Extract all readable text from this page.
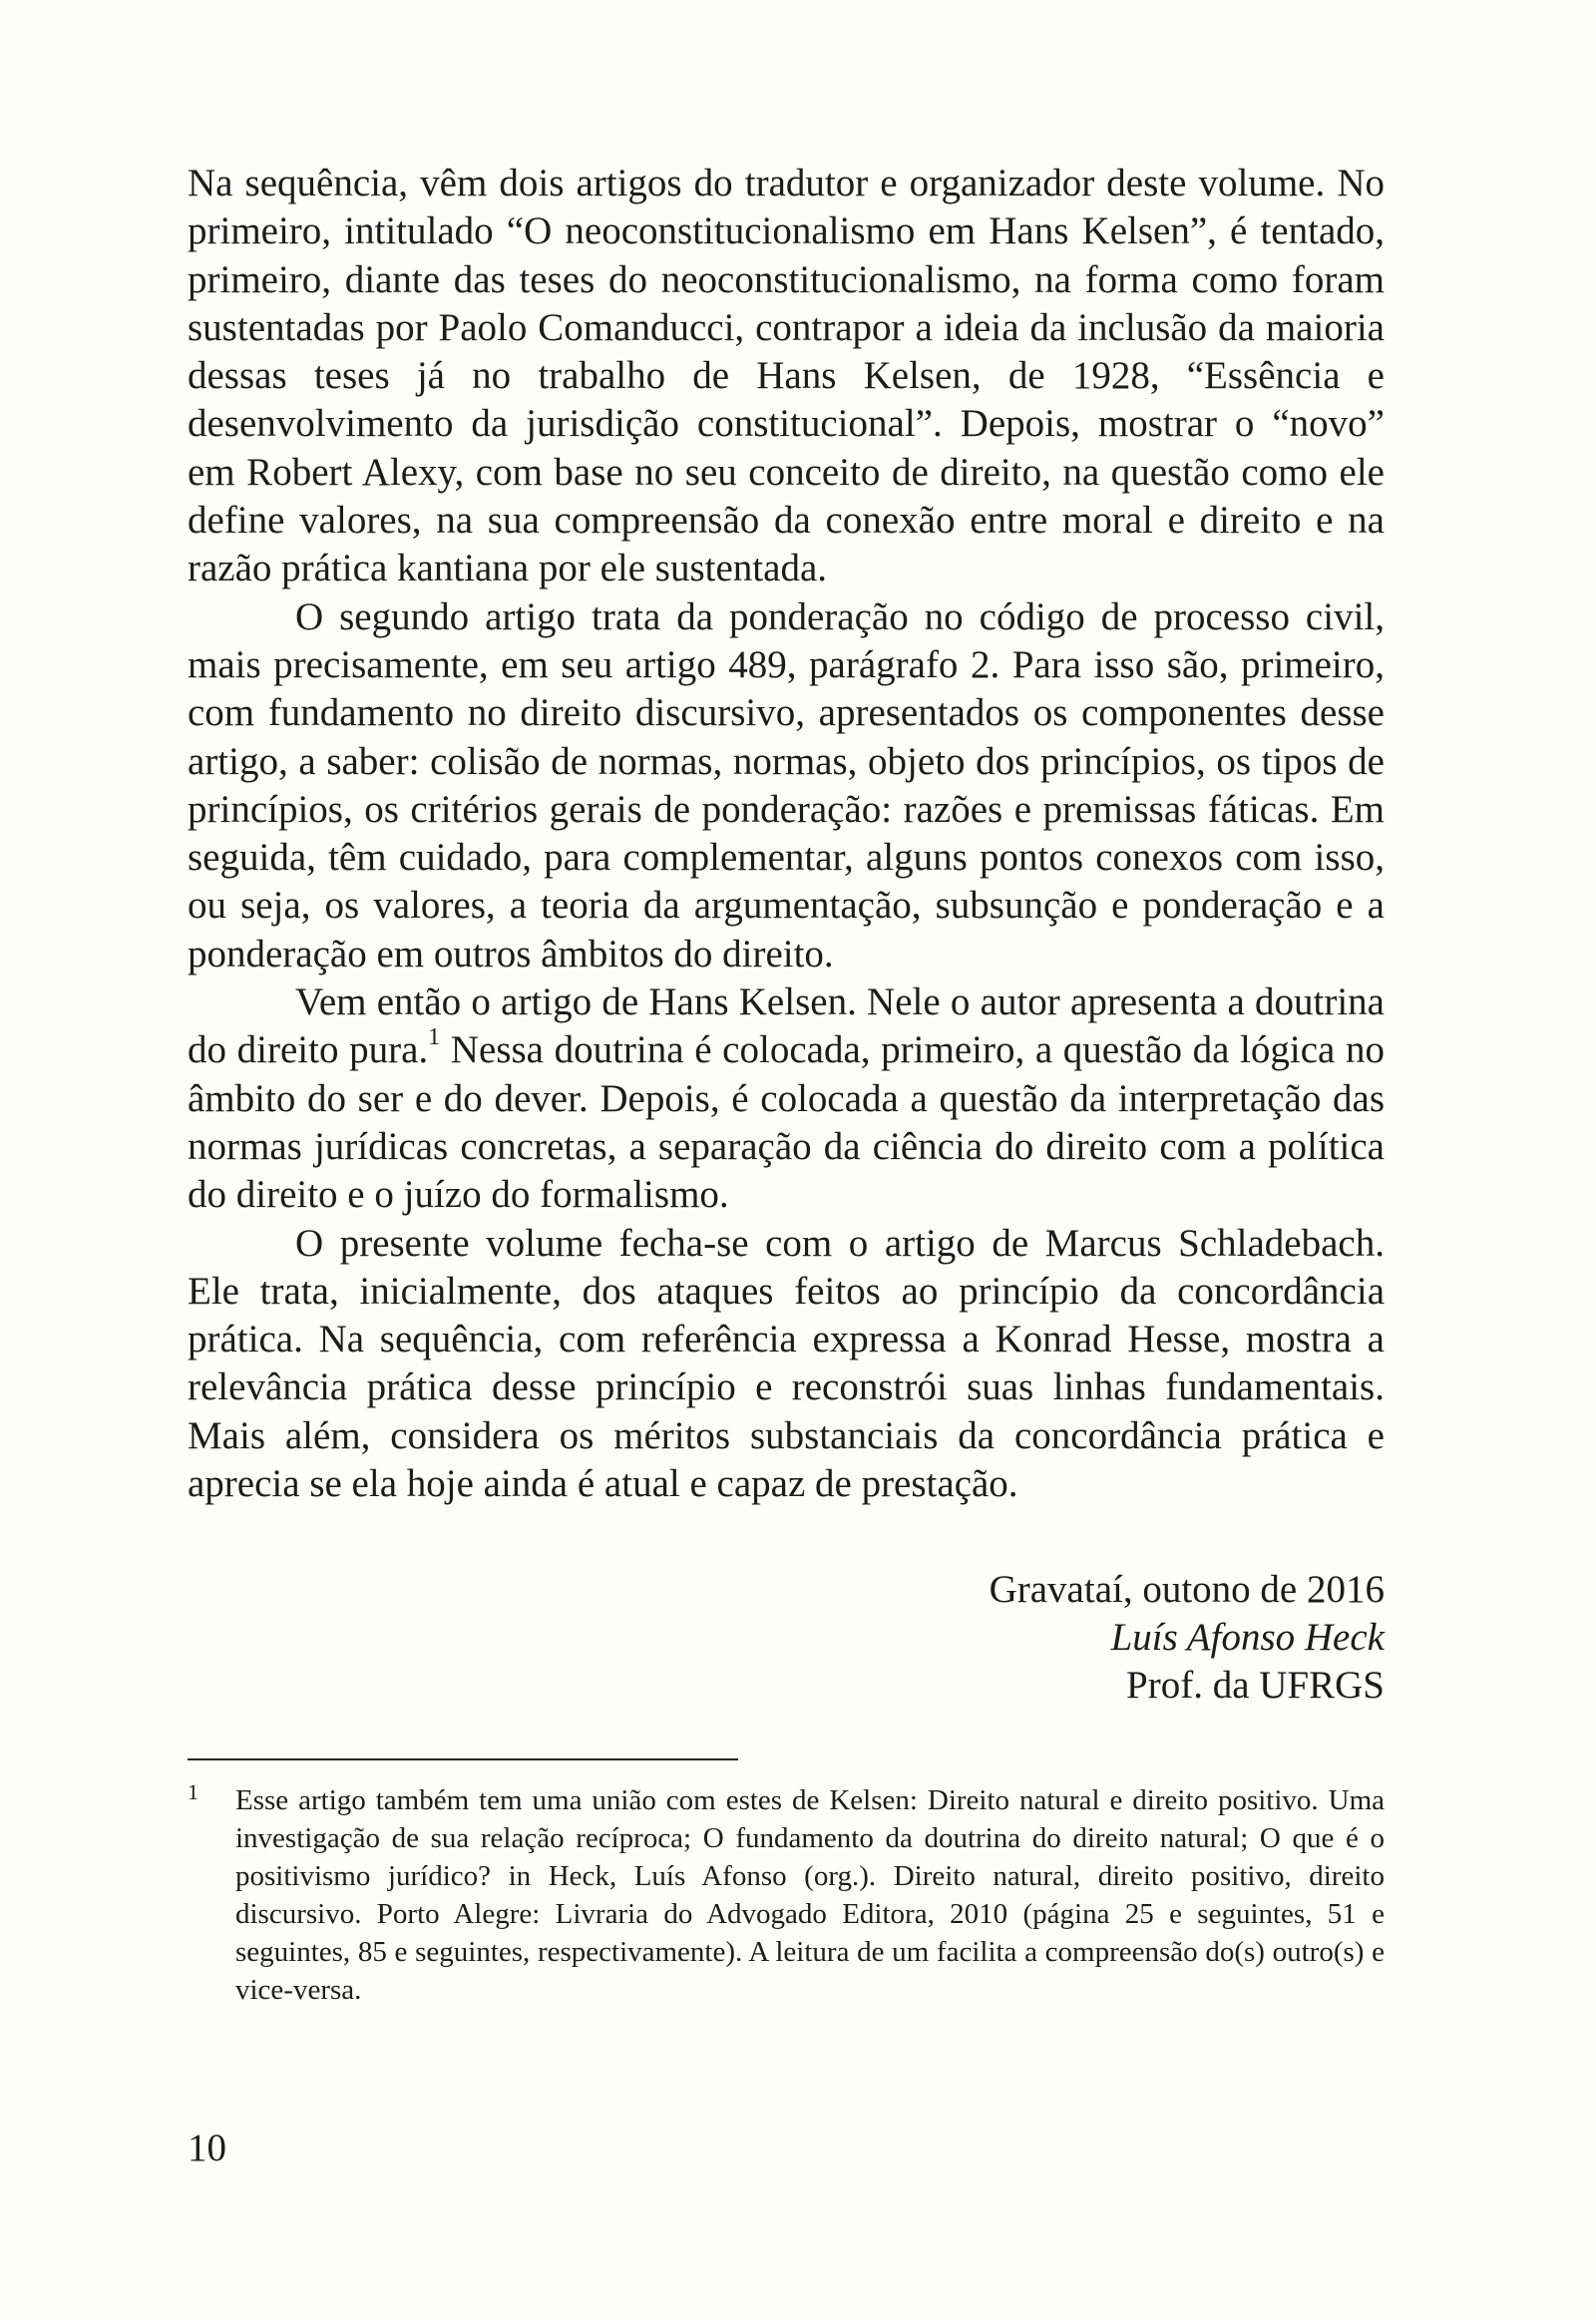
Na sequência, vêm dois artigos do tradutor e organizador deste volume. No primeiro, intitulado “O neoconstitucionalismo em Hans Kelsen”, é tentado, primeiro, diante das teses do neoconstitucionalismo, na forma como foram sustentadas por Paolo Comanducci, contrapor a ideia da inclusão da maioria dessas teses já no trabalho de Hans Kelsen, de 1928, “Essência e desenvolvimento da jurisdição constitucional”. Depois, mostrar o “novo” em Robert Alexy, com base no seu conceito de direito, na questão como ele define valores, na sua compreensão da conexão entre moral e direito e na razão prática kantiana por ele sustentada.

O segundo artigo trata da ponderação no código de processo civil, mais precisamente, em seu artigo 489, parágrafo 2. Para isso são, primeiro, com fundamento no direito discursivo, apresentados os componentes desse artigo, a saber: colisão de normas, normas, objeto dos princípios, os tipos de princípios, os critérios gerais de ponderação: razões e premissas fáticas. Em seguida, têm cuidado, para complementar, alguns pontos conexos com isso, ou seja, os valores, a teoria da argumentação, subsunção e ponderação e a ponderação em outros âmbitos do direito.

Vem então o artigo de Hans Kelsen. Nele o autor apresenta a doutrina do direito pura.$^1$ Nessa doutrina é colocada, primeiro, a questão da lógica no âmbito do ser e do dever. Depois, é colocada a questão da interpretação das normas jurídicas concretas, a separação da ciência do direito com a política do direito e o juízo do formalismo.

O presente volume fecha-se com o artigo de Marcus Schladebach. Ele trata, inicialmente, dos ataques feitos ao princípio da concordância prática. Na sequência, com referência expressa a Konrad Hesse, mostra a relevância prática desse princípio e reconstrói suas linhas fundamentais. Mais além, considera os méritos substanciais da concordância prática e aprecia se ela hoje ainda é atual e capaz de prestação.

Gravataí, outono de 2016
Luís Afonso Heck
Prof. da UFRGS
1 Esse artigo também tem uma união com estes de Kelsen: Direito natural e direito positivo. Uma investigação de sua relação recíproca; O fundamento da doutrina do direito natural; O que é o positivismo jurídico? in Heck, Luís Afonso (org.). Direito natural, direito positivo, direito discursivo. Porto Alegre: Livraria do Advogado Editora, 2010 (página 25 e seguintes, 51 e seguintes, 85 e seguintes, respectivamente). A leitura de um facilita a compreensão do(s) outro(s) e vice-versa.

10
